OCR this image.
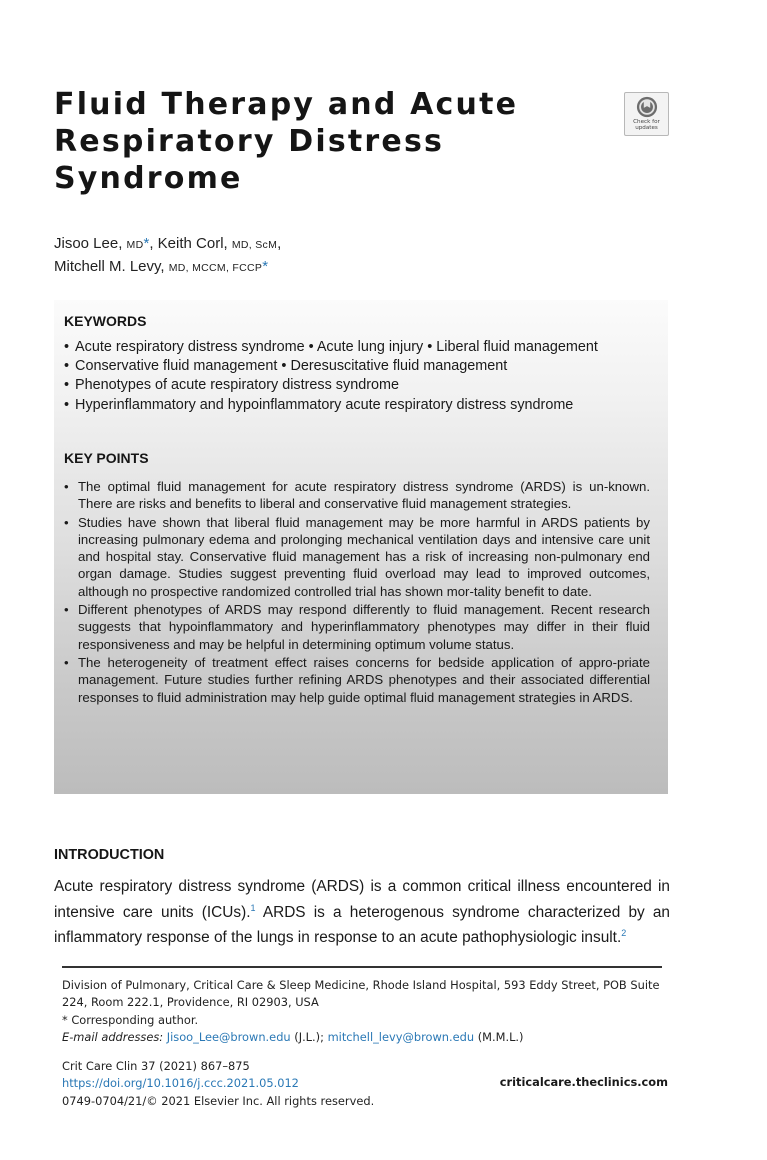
Fluid Therapy and Acute
Respiratory Distress
Syndrome
Check for updates
Jisoo Lee, MD*, Keith Corl, MD, ScM,
Mitchell M. Levy, MD, MCCM, FCCP*
KEYWORDS
• Acute respiratory distress syndrome • Acute lung injury • Liberal fluid management
• Conservative fluid management • Deresuscitative fluid management
• Phenotypes of acute respiratory distress syndrome
• Hyperinflammatory and hypoinflammatory acute respiratory distress syndrome
KEY POINTS
• The optimal fluid management for acute respiratory distress syndrome (ARDS) is un-known. There are risks and benefits to liberal and conservative fluid management strategies.
• Studies have shown that liberal fluid management may be more harmful in ARDS patients by increasing pulmonary edema and prolonging mechanical ventilation days and intensive care unit and hospital stay. Conservative fluid management has a risk of increasing non-pulmonary end organ damage. Studies suggest preventing fluid overload may lead to improved outcomes, although no prospective randomized controlled trial has shown mor-tality benefit to date.
• Different phenotypes of ARDS may respond differently to fluid management. Recent research suggests that hypoinflammatory and hyperinflammatory phenotypes may differ in their fluid responsiveness and may be helpful in determining optimum volume status.
• The heterogeneity of treatment effect raises concerns for bedside application of appro-priate management. Future studies further refining ARDS phenotypes and their associated differential responses to fluid administration may help guide optimal fluid management strategies in ARDS.
INTRODUCTION

Acute respiratory distress syndrome (ARDS) is a common critical illness encountered in intensive care units (ICUs).$^1$ ARDS is a heterogenous syndrome characterized by an inflammatory response of the lungs in response to an acute pathophysiologic insult.$^2$

Division of Pulmonary, Critical Care & Sleep Medicine, Rhode Island Hospital, 593 Eddy Street, POB Suite 224, Room 222.1, Providence, RI 02903, USA
* Corresponding author.
E-mail addresses: Jisoo_Lee@brown.edu (J.L.); mitchell_levy@brown.edu (M.M.L.)
Crit Care Clin 37 (2021) 867–875
https://doi.org/10.1016/j.ccc.2021.05.012
0749-0704/21/© 2021 Elsevier Inc. All rights reserved.
criticalcare.theclinics.com
